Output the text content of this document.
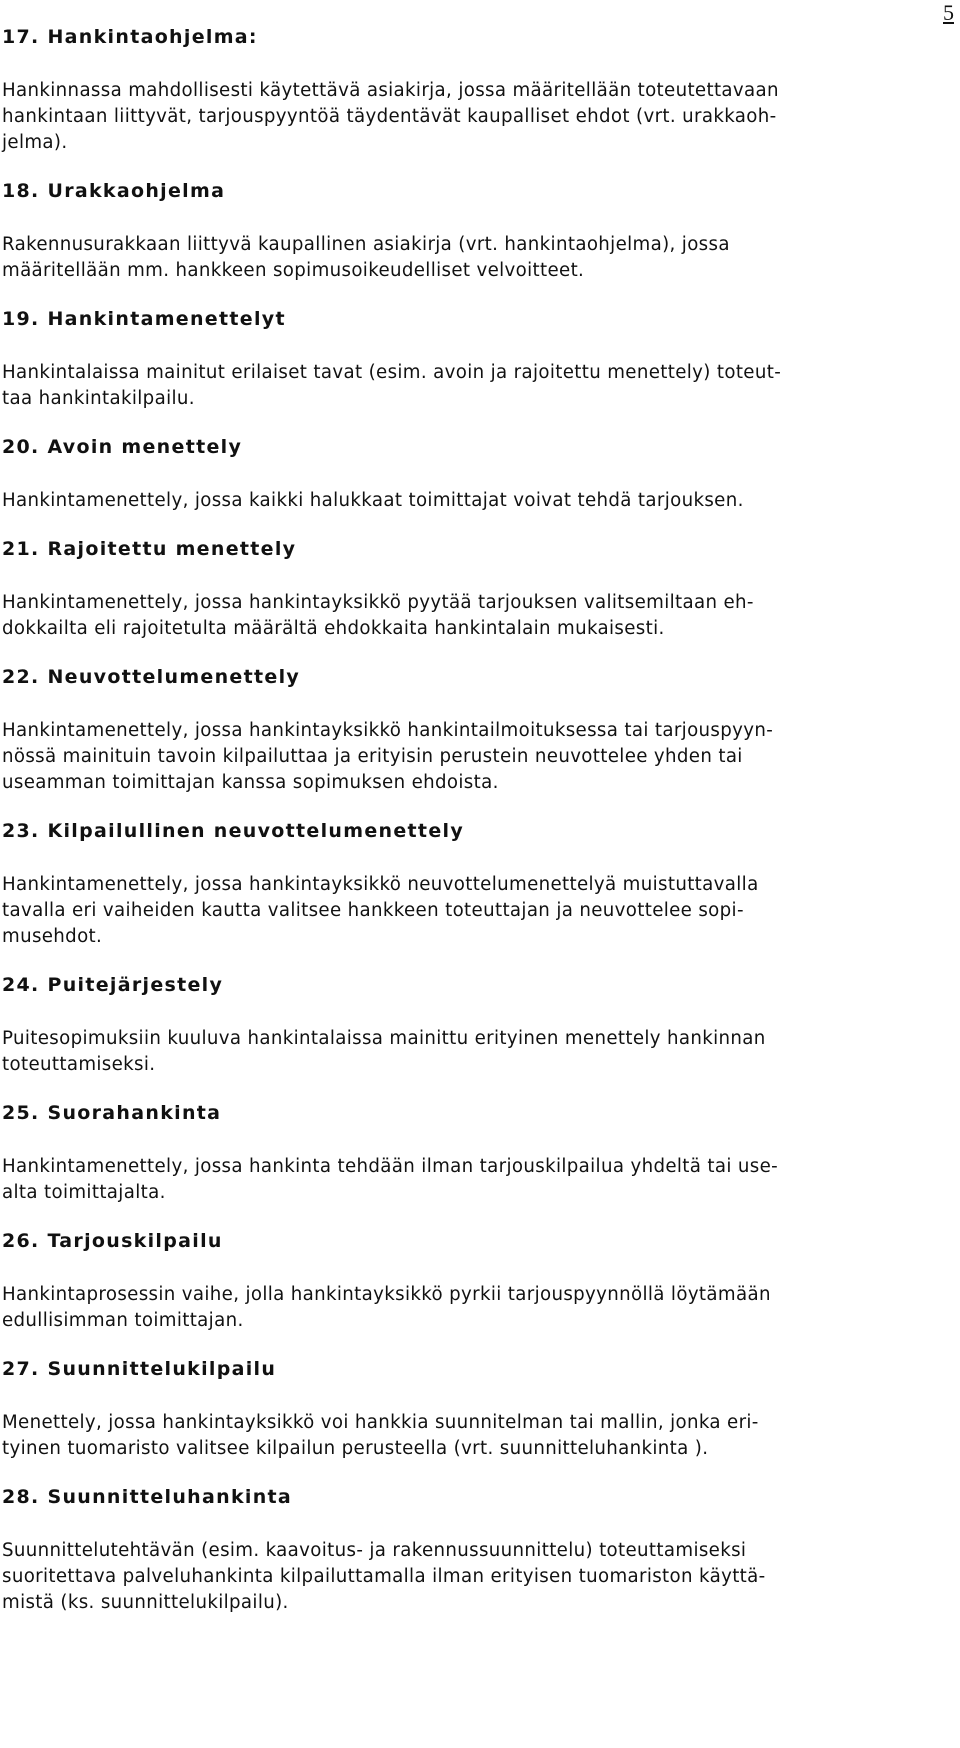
5
17. Hankintaohjelma:
Hankinnassa mahdollisesti käytettävä asiakirja, jossa määritellään toteutettavaan
hankintaan liittyvät, tarjouspyyntöä täydentävät kaupalliset ehdot (vrt. urakkaoh-
jelma).
18. Urakkaohjelma
Rakennusurakkaan liittyvä kaupallinen asiakirja (vrt. hankintaohjelma), jossa
määritellään mm. hankkeen sopimusoikeudelliset velvoitteet.
19. Hankintamenettelyt
Hankintalaissa mainitut erilaiset tavat (esim. avoin ja rajoitettu menettely) toteut-
taa hankintakilpailu.
20. Avoin menettely
Hankintamenettely, jossa kaikki halukkaat toimittajat voivat tehdä tarjouksen.
21. Rajoitettu menettely
Hankintamenettely, jossa hankintayksikkö pyytää tarjouksen valitsemiltaan eh-
dokkailta eli rajoitetulta määrältä ehdokkaita hankintalain mukaisesti.
22. Neuvottelumenettely
Hankintamenettely, jossa hankintayksikkö hankintailmoituksessa tai tarjouspyyn-
nössä mainituin tavoin kilpailuttaa ja erityisin perustein neuvottelee yhden tai
useamman toimittajan kanssa sopimuksen ehdoista.
23. Kilpailullinen neuvottelumenettely
Hankintamenettely, jossa hankintayksikkö neuvottelumenettelyä muistuttavalla
tavalla eri vaiheiden kautta valitsee hankkeen toteuttajan ja neuvottelee sopi-
musehdot.
24. Puitejärjestely
Puitesopimuksiin kuuluva hankintalaissa mainittu erityinen menettely hankinnan
toteuttamiseksi.
25. Suorahankinta
Hankintamenettely, jossa hankinta tehdään ilman tarjouskilpailua yhdeltä tai use-
alta toimittajalta.
26. Tarjouskilpailu
Hankintaprosessin vaihe, jolla hankintayksikkö pyrkii tarjouspyynnöllä löytämään
edullisimman toimittajan.
27. Suunnittelukilpailu
Menettely, jossa hankintayksikkö voi hankkia suunnitelman tai mallin, jonka eri-
tyinen tuomaristo valitsee kilpailun perusteella (vrt. suunnitteluhankinta ).
28. Suunnitteluhankinta
Suunnittelutehtävän (esim. kaavoitus- ja rakennussuunnittelu) toteuttamiseksi
suoritettava palveluhankinta kilpailuttamalla ilman erityisen tuomariston käyttä-
mistä (ks. suunnittelukilpailu).
